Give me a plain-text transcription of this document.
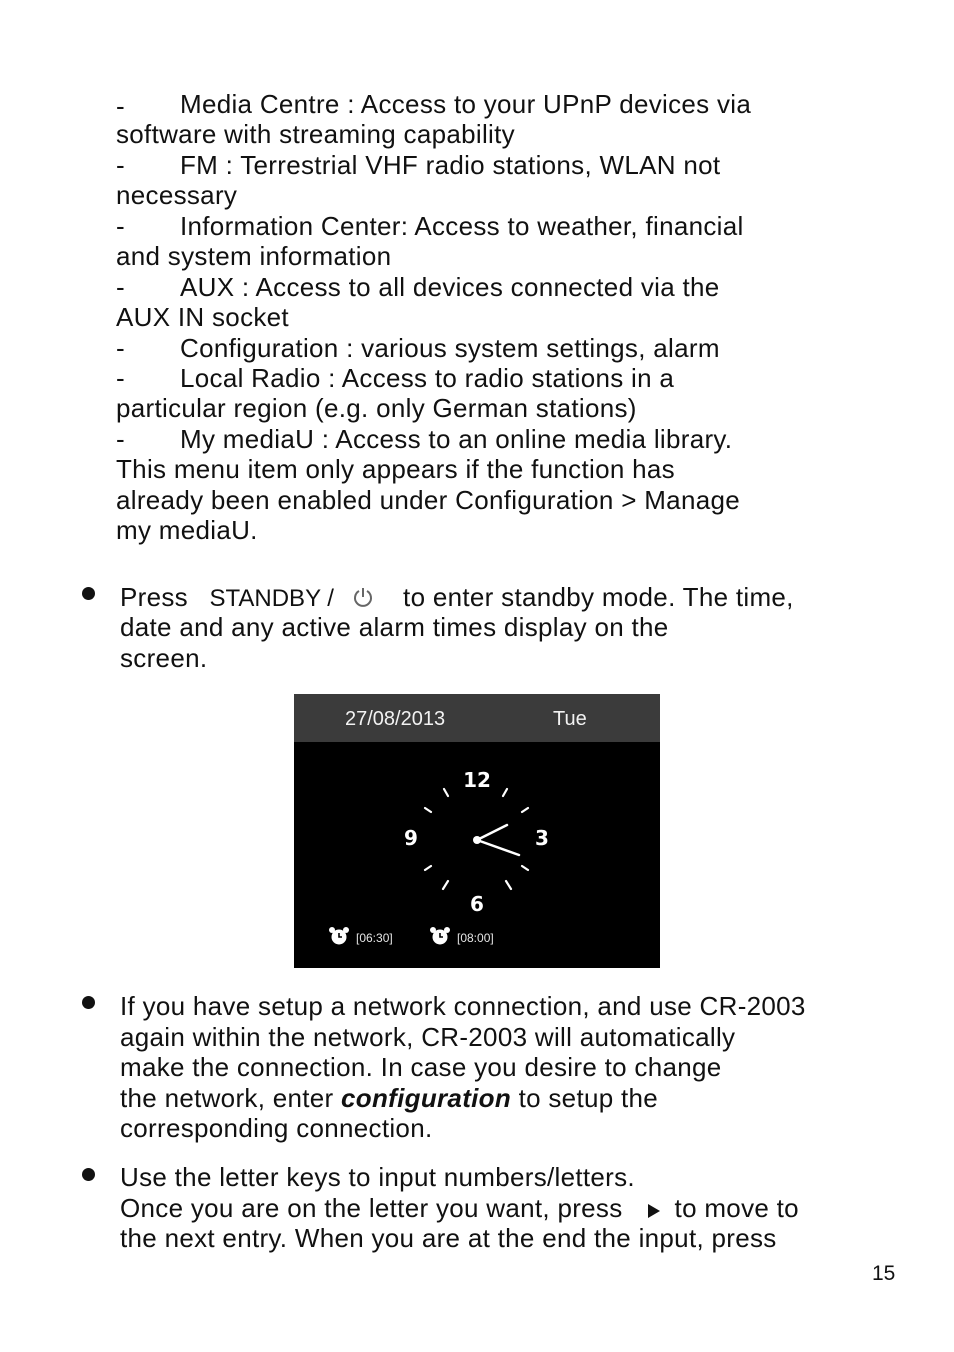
- Media Centre : Access to your UPnP devices via
software with streaming capability
- FM : Terrestrial VHF radio stations, WLAN not
necessary
- Information Center: Access to weather, financial
and system information
- AUX : Access to all devices connected via the
AUX IN socket
- Configuration : various system settings, alarm
- Local Radio : Access to radio stations in a
particular region (e.g. only German stations)
- My mediaU : Access to an online media library.
This menu item only appears if the function has
already been enabled under Configuration > Manage
my mediaU.
Press STANDBY /	to enter standby mode. The time,
date and any active alarm times display on the
screen.
27/08/2013	Tue
12
3
6
9
[06:30]	[08:00]
If you have setup a network connection, and use CR-2003
again within the network, CR-2003 will automatically
make the connection. In case you desire to change
the network, enter configuration to setup the
corresponding connection.
Use the letter keys to input numbers/letters.
Once you are on the letter you want, press to move to
the next entry. When you are at the end the input, press
15
